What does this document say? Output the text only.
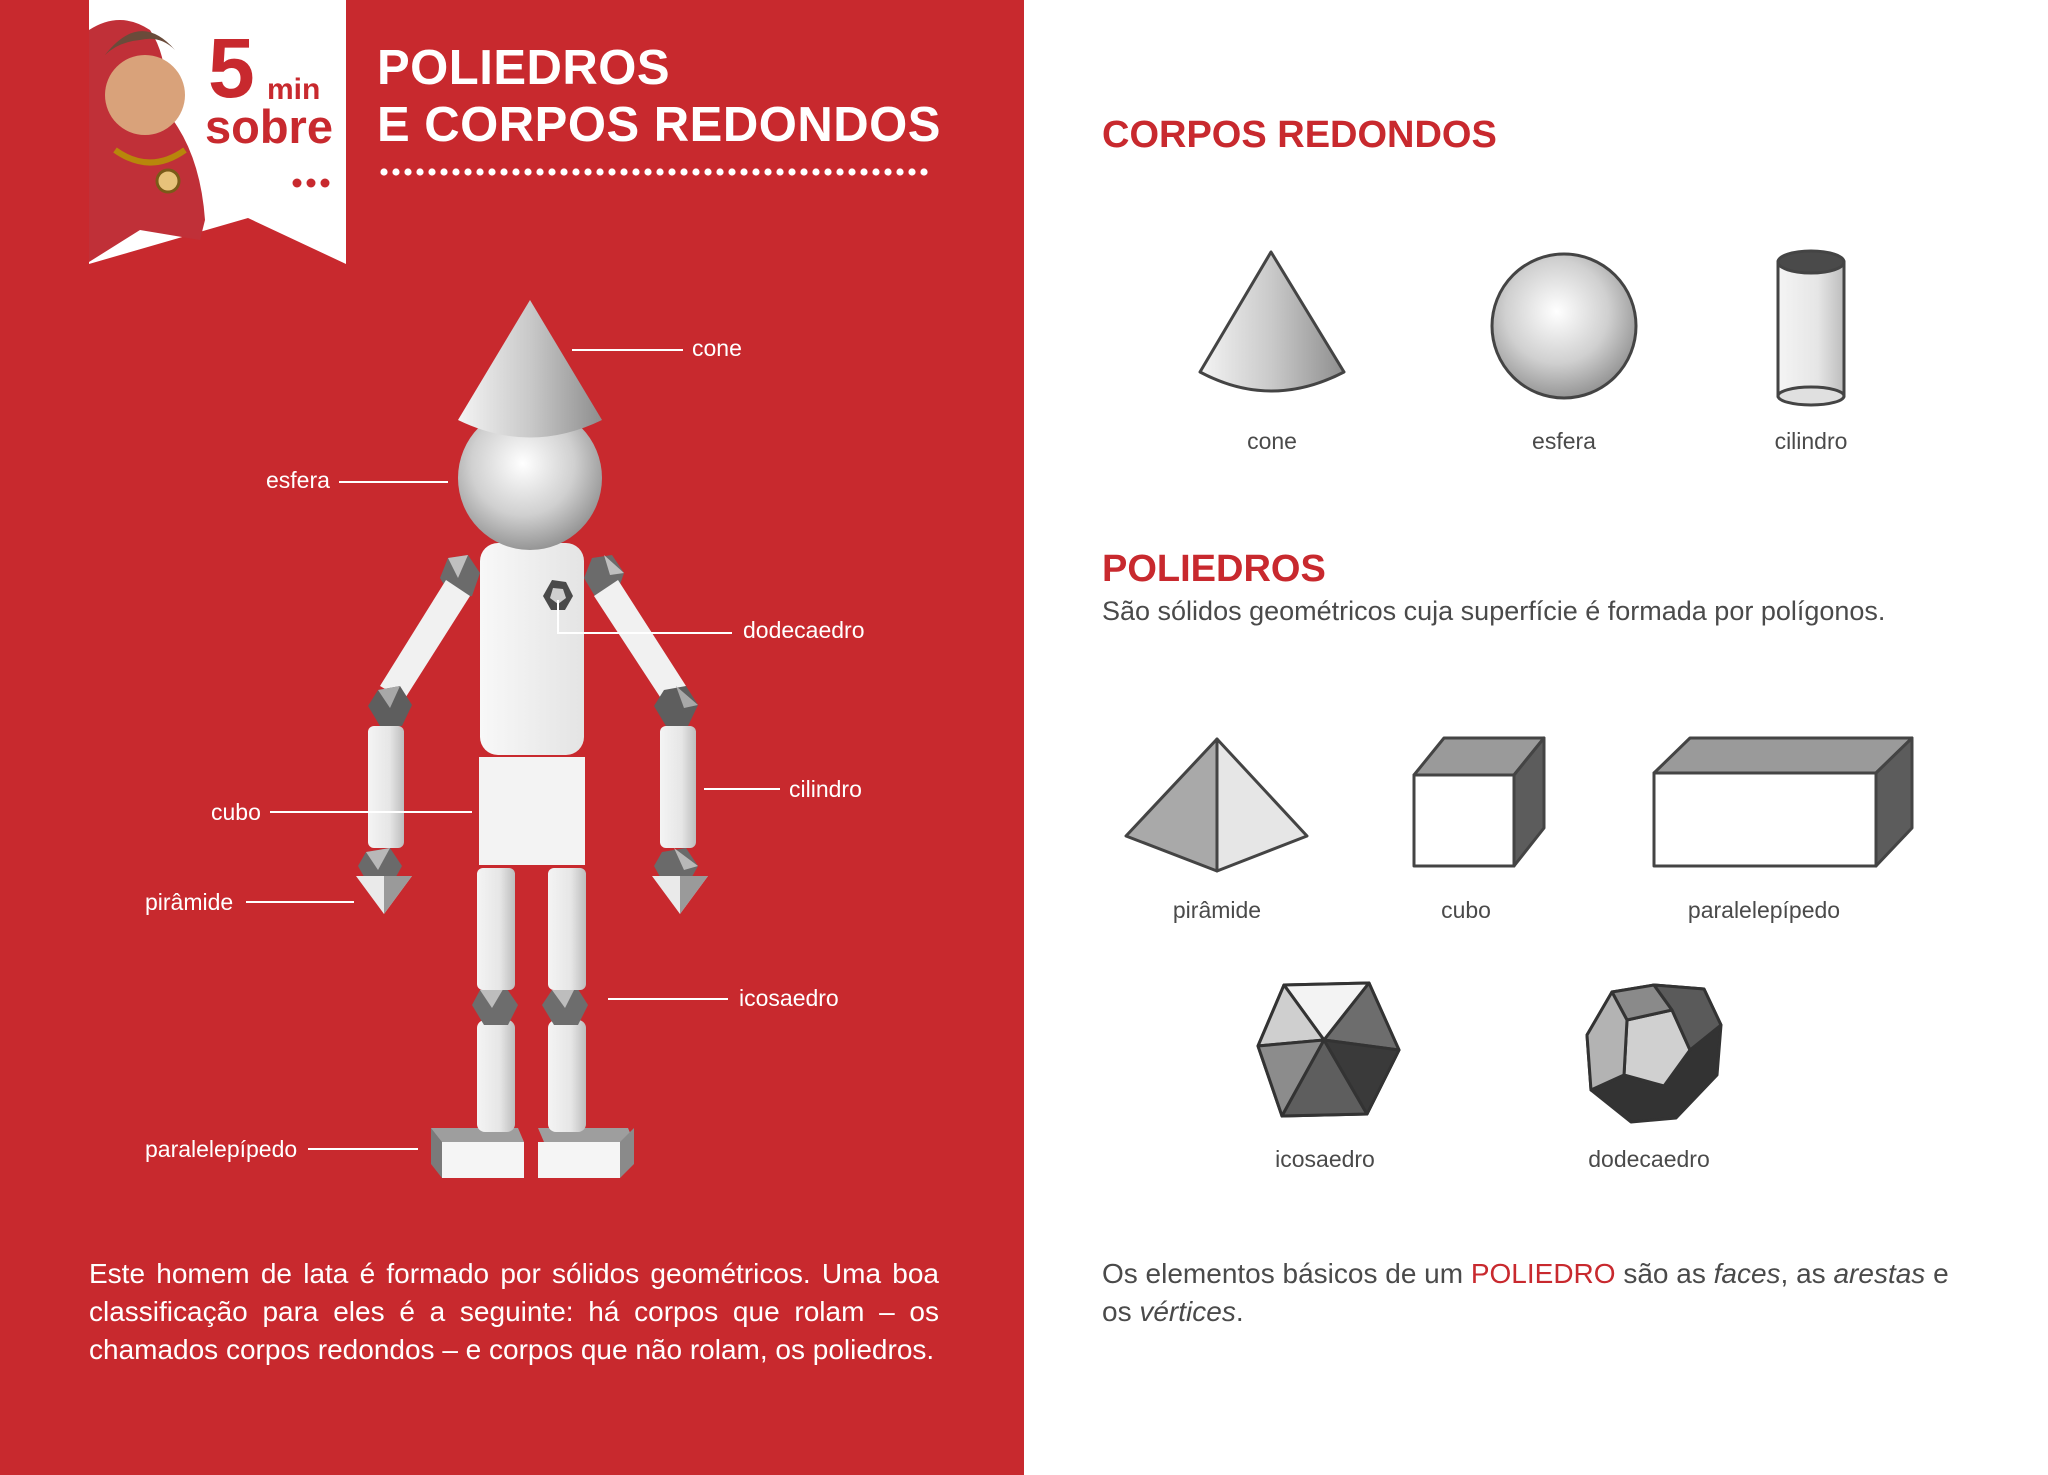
5 min
sobre
POLIEDROS
E CORPOS REDONDOS
cone
esfera
dodecaedro
cilindro
cubo
pirâmide
icosaedro
paralelepípedo
Este homem de lata é formado por sólidos geométricos. Uma boa classificação para eles é a seguinte: há corpos que rolam – os chamados corpos redondos – e corpos que não rolam, os poliedros.
CORPOS REDONDOS
cone	esfera	cilindro
POLIEDROS
São sólidos geométricos cuja superfície é formada por polígonos.
pirâmide	cubo	paralelepípedo
icosaedro	dodecaedro
Os elementos básicos de um POLIEDRO são as faces, as arestas e os vértices.
